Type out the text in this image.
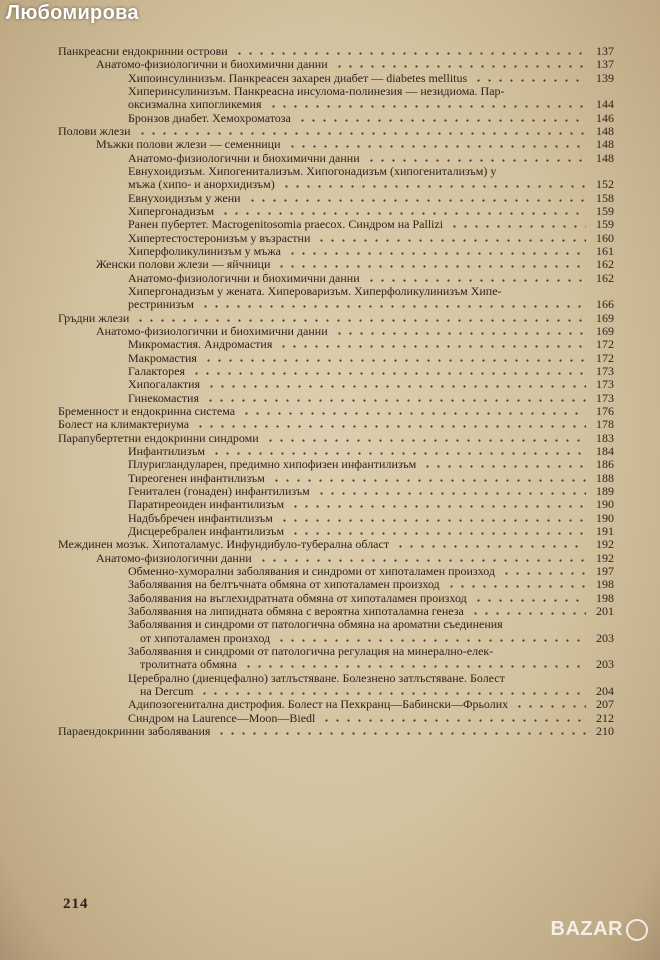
Любомирова
Панкреасни ендокринни острови	137
Анатомо-физиологични и биохимични данни	137
Хипоинсулинизъм. Панкреасен захарен диабет — diabetes mellitus	139
Хиперинсулинизъм. Панкреасна инсулома-полинезия — незидиома. Пар-
оксизмална хипогликемия	144
Бронзов диабет. Хемохроматоза	146
Полови жлези	148
Мъжки полови жлези — семенници	148
Анатомо-физиологични и биохимични данни	148
Евнухоидизъм. Хипогенитализъм. Хипогонадизъм (хипогенитализъм) у
мъжа (хипо- и анорхидизъм)	152
Евнухоидизъм у жени	158
Хипергонадизъм	159
Ранен пубертет. Macrogenitosomia praecox. Синдром на Pallizi	159
Хипертестостеронизъм у възрастни	160
Хиперфоликулинизъм у мъжа	161
Женски полови жлези — яйчници	162
Анатомо-физиологични и биохимични данни	162
Хипергонадизъм у жената. Хипероваризъм. Хиперфоликулинизъм Хипе-
рестринизъм	166
Гръдни жлези	169
Анатомо-физиологични и биохимични данни	169
Микромастия. Андромастия	172
Макромастия	172
Галакторея	173
Хипогалактия	173
Гинекомастия	173
Бременност и ендокринна система	176
Болест на климактериума	178
Парапубертетни ендокринни синдроми	183
Инфантилизъм	184
Плуригландуларен, предимно хипофизен инфантилизъм	186
Тиреогенен инфантилизъм	188
Генитален (гонаден) инфантилизъм	189
Паратиреоиден инфантилизъм	190
Надбъбречен инфантилизъм	190
Дисцеребрален инфантилизъм	191
Междинен мозък. Хипоталамус. Инфундибуло-туберална област	192
Анатомо-физиологични данни	192
Обменно-хуморални заболявания и синдроми от хипоталамен произход	197
Заболявания на белтъчната обмяна от хипоталамен произход	198
Заболявания на въглехидратната обмяна от хипоталамен произход	198
Заболявания на липидната обмяна с вероятна хипоталамна генеза	201
Заболявания и синдроми от патологична обмяна на ароматни съединения
от хипоталамен произход	203
Заболявания и синдроми от патологична регулация на минерално-елек-
тролитната обмяна	203
Церебрално (диенцефално) затлъстяване. Болезнено затлъстяване. Болест
на Dercum	204
Адипозогенитална дистрофия. Болест на Пехкранц—Бабински—Фрьолих	207
Синдром на Laurence—Moon—Biedl	212
Параендокринни заболявания	210
214
BAZAR
